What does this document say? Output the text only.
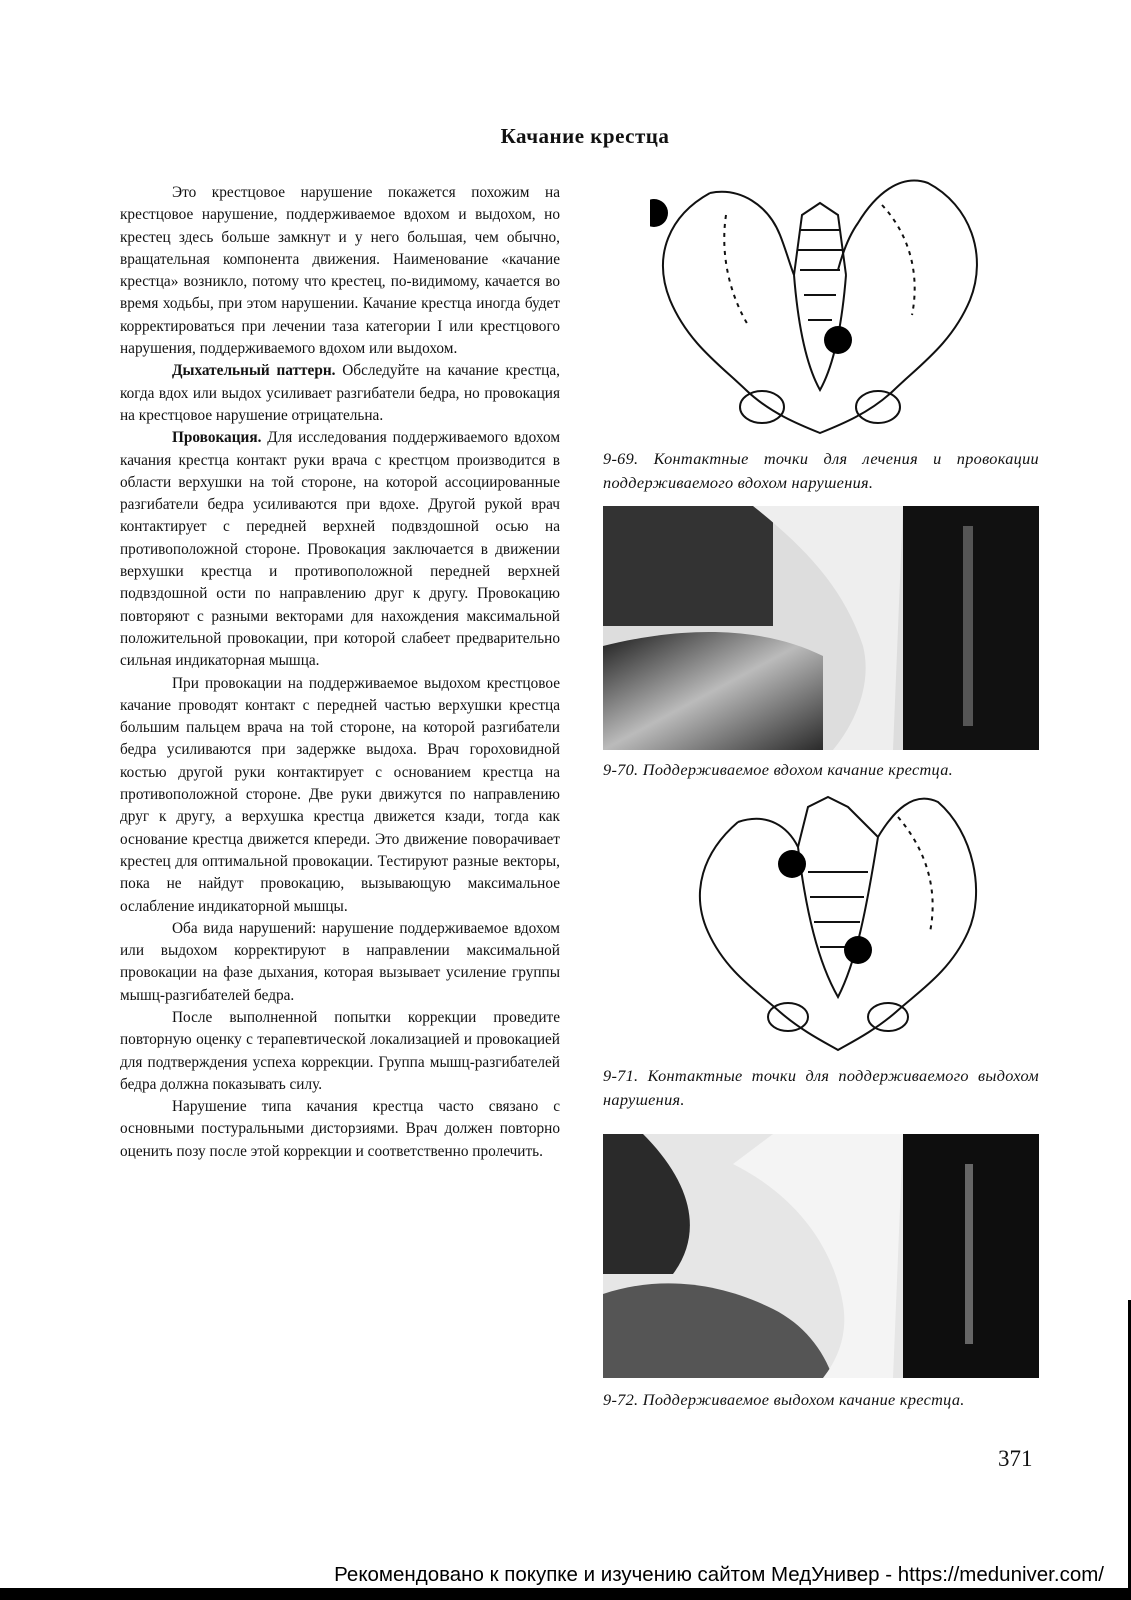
Качание крестца

Это крестцовое нарушение покажется похожим на крестцовое нарушение, поддерживаемое вдохом и выдохом, но крестец здесь больше замкнут и у него большая, чем обычно, вращательная компонента движения. Наименование «качание крестца» возникло, потому что крестец, по-видимому, качается во время ходьбы, при этом нарушении. Качание крестца иногда будет корректироваться при лечении таза категории I или крестцового нарушения, поддерживаемого вдохом или выдохом.

Дыхательный паттерн. Обследуйте на качание крестца, когда вдох или выдох усиливает разгибатели бедра, но провокация на крестцовое нарушение отрицательна.

Провокация. Для исследования поддерживаемого вдохом качания крестца контакт руки врача с крестцом производится в области верхушки на той стороне, на которой ассоциированные разгибатели бедра усиливаются при вдохе. Другой рукой врач контактирует с передней верхней подвздошной осью на противоположной стороне. Провокация заключается в движении верхушки крестца и противоположной передней верхней подвздошной ости по направлению друг к другу. Провокацию повторяют с разными векторами для нахождения максимальной положительной провокации, при которой слабеет предварительно сильная индикаторная мышца.

При провокации на поддерживаемое выдохом крестцовое качание проводят контакт с передней частью верхушки крестца большим пальцем врача на той стороне, на которой разгибатели бедра усиливаются при задержке выдоха. Врач гороховидной костью другой руки контактирует с основанием крестца на противоположной стороне. Две руки движутся по направлению друг к другу, а верхушка крестца движется кзади, тогда как основание крестца движется кпереди. Это движение поворачивает крестец для оптимальной провокации. Тестируют разные векторы, пока не найдут провокацию, вызывающую максимальное ослабление индикаторной мышцы.

Оба вида нарушений: нарушение поддерживаемое вдохом или выдохом корректируют в направлении максимальной провокации на фазе дыхания, которая вызывает усиление группы мышц-разгибателей бедра.

После выполненной попытки коррекции проведите повторную оценку с терапевтической локализацией и провокацией для подтверждения успеха коррекции. Группа мышц-разгибателей бедра должна показывать силу.

Нарушение типа качания крестца часто связано с основными постуральными дисторзиями. Врач должен повторно оценить позу после этой коррекции и соответственно пролечить.

9-69. Контактные точки для лечения и провокации поддерживаемого вдохом нарушения.
9-70. Поддерживаемое вдохом качание крестца.
9-71. Контактные точки для поддерживаемого выдохом нарушения.
9-72. Поддерживаемое выдохом качание крестца.
371
Рекомендовано к покупке и изучению сайтом МедУнивер - https://meduniver.com/
